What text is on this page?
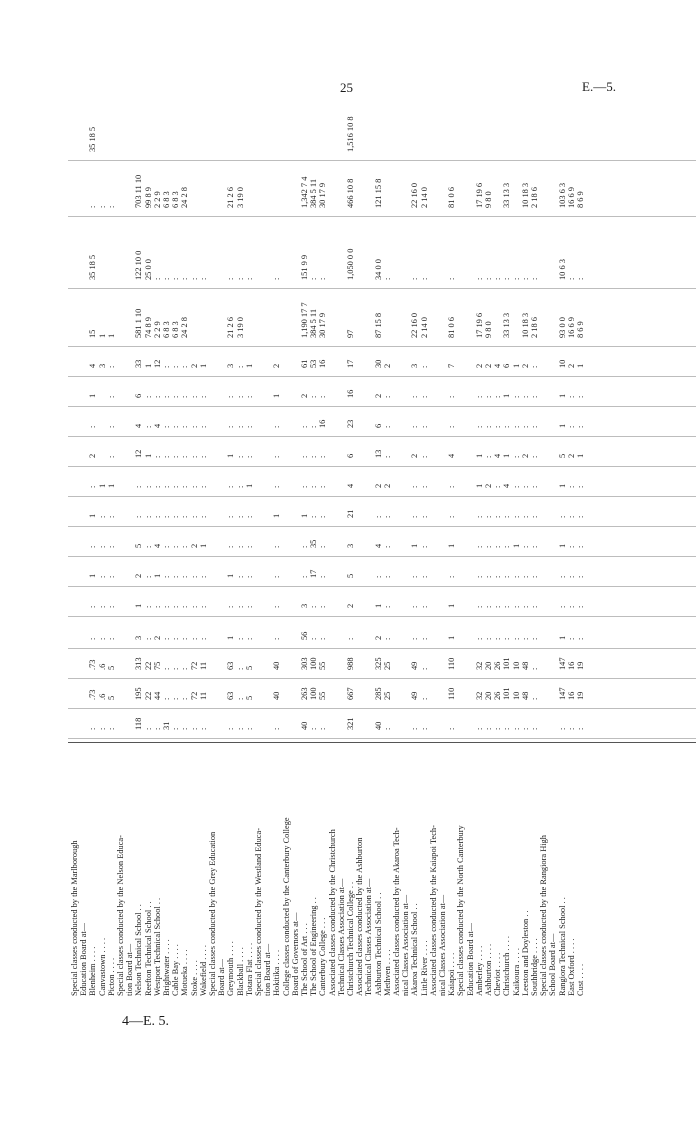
25	E.—5.
4—E. 5.
Special classes conducted by the Marlborough Education Board at— Blenheim . . . .
:
.73
.73
:
:
1
:
1
:
2
:
1
4
15
35 18 5
:
35 18 5
Canvastown . . . .
:
.6
.6
:
:
:
:
:
1
3
1
:
Picton . . . .
:
5
5
:
:
:
:
:
1
:
:
:
:
1
:
Special classes conducted by the Nelson Educa- tion Board at— Nelson Technical School . .
118
195
313
3
1
2
5
:
:
12
4
6
33
581 1 10
122 10 0
703 11 10
Reefton Technical School . .
:
22
22
:
:
:
:
:
:
1
:
:
1
74 8 9
25 0 0
99 8 9
Westport Technical School . .
:
44
75
2
:
1
4
:
:
:
4
:
12
2 2 9
:
2 2 9
Brightwater . . . .
31
:
:
:
:
:
:
:
:
:
:
:
:
6 8 3
:
6 8 3
Cable Bay . . . .
:
:
:
:
:
:
:
:
:
:
:
:
:
6 8 3
:
6 8 3
Motueka . . . .
:
:
:
:
:
:
:
:
:
:
:
:
:
24 2 8
:
24 2 8
Stoke . . . .
:
72
72
:
:
:
2
:
:
:
:
:
2
:
Wakefield . . . .
:
11
11
:
:
:
1
:
:
:
:
:
1
:
Special classes conducted by the Grey Education Board at— Greymouth . . . .
:
63
63
1
:
1
:
:
:
1
:
:
3
21 2 6
:
21 2 6
Blackball . . . .
:
:
:
:
:
:
:
:
:
:
:
:
:
3 19 0
:
3 19 0
Totara Flat . . . .
:
5
5
:
:
:
:
:
1
:
:
:
1
:
Special classes conducted by the Westland Educa- tion Board at— Hokitika . . . .
:
40
40
:
:
:
:
1
:
:
:
1
2
:
College classes conducted by the Canterbury College Board of Governors at— The School of Art . . .
40
263
303
56
3
:
:
1
:
:
:
2
61
1,190 17 7
151 9 9
1,342 7 4
The School of Engineering . .
:
100
100
:
:
17
35
:
:
:
:
:
53
384 5 11
:
384 5 11
Canterbury College . . .
:
55
55
:
:
:
:
:
:
:
16
:
16
30 17 9
:
30 17 9
Associated classes conducted by the Christchurch Technical Classes Association at— Christchurch Technical College . .
321
667
988
:
2
5
3
21
4
6
23
16
17
97
1,050 0 0
466 10 8
1,516 10 8
Associated classes conducted by the Ashburton Technical Classes Association at— Ashburton Technical School . .
40
285
325
2
1
:
4
:
2
13
6
2
30
87 15 8
34 0 0
121 15 8
Methven . . . .
:
25
25
:
:
:
:
:
2
:
:
:
2
:
Associated classes conducted by the Akaroa Tech- nical Classes Association at— Akaroa Technical School . .
:
49
49
:
:
:
1
:
:
2
:
:
3
22 16 0
:
22 16 0
Little River . . . .
:
:
:
:
:
:
:
:
:
:
:
:
:
2 14 0
:
2 14 0
Associated classes conducted by the Kaiapoi Tech- nical Classes Association at— Kaiapoi . . . .
:
110
110
1
1
:
1
:
:
4
:
:
7
81 0 6
:
81 0 6
Special classes conducted by the North Canterbury Education Board at— Amberley . . . .
:
32
32
:
:
:
:
:
1
1
:
:
2
17 19 6
:
17 19 6
Ashburton . . . .
:
20
20
:
:
:
:
:
2
:
:
:
2
9 8 0
:
9 8 0
Cheviot . . . .
:
26
26
:
:
:
:
:
:
4
:
:
4
:
Christchurch . . . .
:
101
101
:
:
:
:
:
4
1
:
1
6
33 13 3
:
33 13 3
Kaikoura . . . .
:
10
10
:
:
:
1
:
:
:
:
:
1
:
Leeston and Doyleston . .
:
48
48
:
:
:
:
:
:
2
:
:
2
10 18 3
:
10 18 3
Southbridge . . . .
:
:
:
:
:
:
:
:
:
:
:
:
:
2 18 6
:
2 18 6
Special classes conducted by the Rangiora High School Board at— Rangiora Technical School . .
:
147
147
1
:
:
1
:
1
5
1
1
10
93 0 0
10 6 3
103 6 3
East Oxford . . . .
:
16
16
:
:
:
:
:
:
2
:
:
2
16 6 9
:
16 6 9
Cust . . . .
:
19
19
:
:
:
:
:
:
1
:
:
1
8 6 9
:
8 6 9
